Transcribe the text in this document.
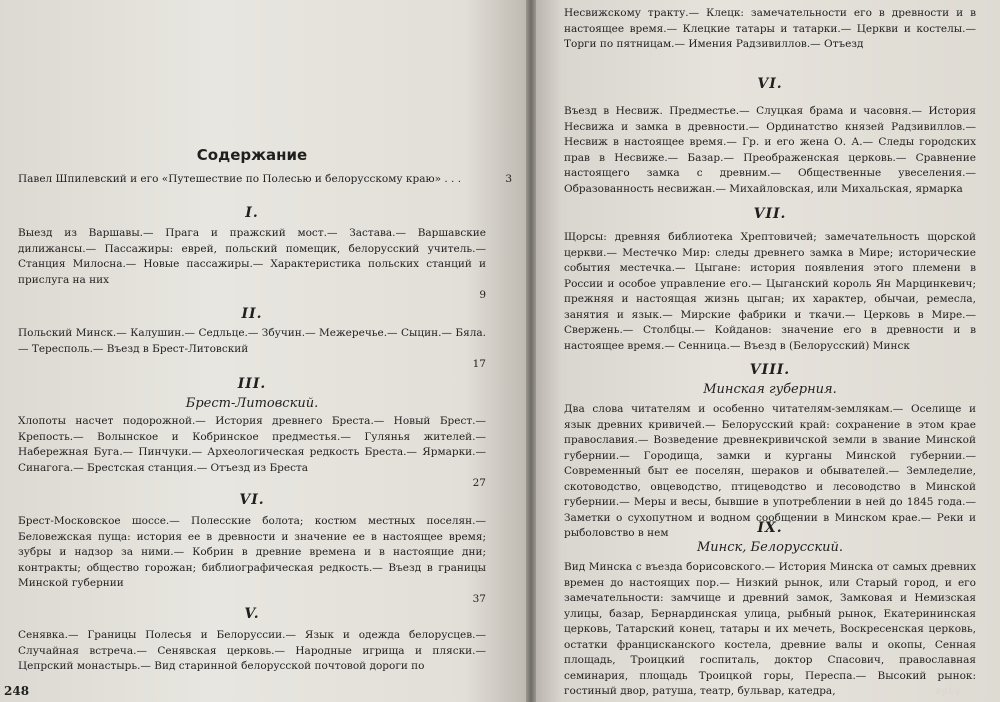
Содержание
Павел Шпилевский и его «Путешествие по Полесью и белорусскому краю» . . .	3
I.
Выезд из Варшавы.— Прага и пражский мост.— Застава.— Варшавские дилижансы.— Пассажиры: еврей, польский помещик, белорусский учитель.— Станция Милосна.— Новые пассажиры.— Характеристика польских станций и прислуга на них
9
II.
Польский Минск.— Калушин.— Седльце.— Збучин.— Межеречье.— Сыцин.— Бяла.— Тересполь.— Въезд в Брест-Литовский
17
III.
Брест-Литовский.
Хлопоты насчет подорожной.— История древнего Бреста.— Новый Брест.— Крепость.— Волынское и Кобринское предместья.— Гулянья жителей.— Набережная Буга.— Пинчуки.— Археологическая редкость Бреста.— Ярмарки.— Синагога.— Брестская станция.— Отъезд из Бреста
27
VI.
Брест-Московское шоссе.— Полесские болота; костюм местных поселян.— Беловежская пуща: история ее в древности и значение ее в настоящее время; зубры и надзор за ними.— Кобрин в древние времена и в настоящие дни; контракты; общество горожан; библиографическая редкость.— Въезд в границы Минской губернии
37
V.
Сенявка.— Границы Полесья и Белоруссии.— Язык и одежда белорусцев.— Случайная встреча.— Сенявская церковь.— Народные игрища и пляски.— Цепрский монастырь.— Вид старинной белорусской почтовой дороги по
248
Несвижскому тракту.— Клецк: замечательности его в древности и в настоящее время.— Клецкие татары и татарки.— Церкви и костелы.— Торги по пятницам.— Имения Радзивиллов.— Отъезд
VI.
Въезд в Несвиж. Предместье.— Слуцкая брама и часовня.— История Несвижа и замка в древности.— Ординатство князей Радзивиллов.— Несвиж в настоящее время.— Гр. и его жена О. А.— Следы городских прав в Несвиже.— Базар.— Преображенская церковь.— Сравнение настоящего замка с древним.— Общественные увеселения.— Образованность несвижан.— Михайловская, или Михальская, ярмарка
VII.
Щорсы: древняя библиотека Хрептовичей; замечательность щорской церкви.— Местечко Мир: следы древнего замка в Мире; исторические события местечка.— Цыгане: история появления этого племени в России и особое управление его.— Цыганский король Ян Марцинкевич; прежняя и настоящая жизнь цыган; их характер, обычаи, ремесла, занятия и язык.— Мирские фабрики и ткачи.— Церковь в Мире.— Свержень.— Столбцы.— Койданов: значение его в древности и в настоящее время.— Сенница.— Въезд в (Белорусский) Минск
VIII.
Минская губерния.
Два слова читателям и особенно читателям-землякам.— Оселище и язык древних кривичей.— Белорусский край: сохранение в этом крае православия.— Возведение древнекривичской земли в звание Минской губернии.— Городища, замки и курганы Минской губернии.— Современный быт ее поселян, шераков и обывателей.— Земледелие, скотоводство, овцеводство, птицеводство и лесоводство в Минской губернии.— Меры и весы, бывшие в употреблении в ней до 1845 года.— Заметки о сухопутном и водном сообщении в Минском крае.— Реки и рыболовство в нем	IX.
Минск, Белорусский.
Вид Минска с въезда борисовского.— История Минска от самых древних времен до настоящих пор.— Низкий рынок, или Старый город, и его замечательности: замчище и древний замок, Замковая и Немизская улицы, базар, Бернардинская улица, рыбный рынок, Екатерининская церковь, Татарский конец, татары и их мечеть, Воскресенская церковь, остатки францисканского костела, древние валы и окопы, Сенная площадь, Троицкий госпиталь, доктор Спасович, православная семинария, площадь Троицкой горы, Переспа.— Высокий рынок: гостиный двор, ратуша, театр, бульвар, катедра,	ay.by
